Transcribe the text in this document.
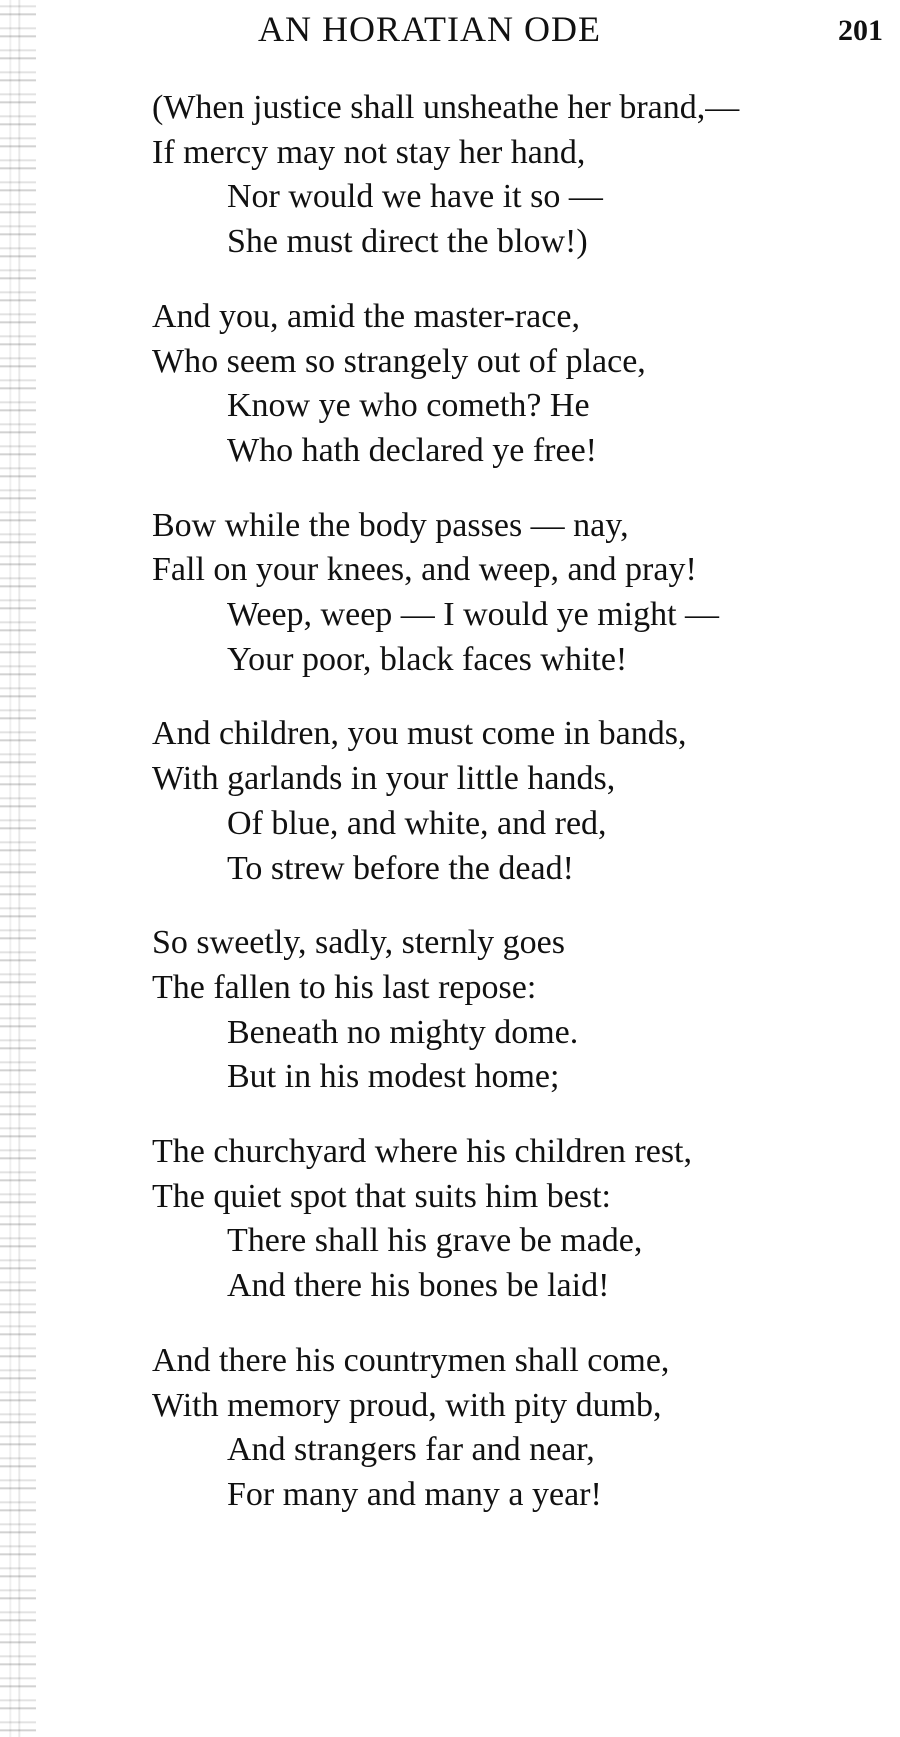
AN HORATIAN ODE	201
(When justice shall unsheathe her brand,—
If mercy may not stay her hand,
Nor would we have it so —
She must direct the blow!)
And you, amid the master-race,
Who seem so strangely out of place,
Know ye who cometh? He
Who hath declared ye free!
Bow while the body passes — nay,
Fall on your knees, and weep, and pray!
Weep, weep — I would ye might —
Your poor, black faces white!
And children, you must come in bands,
With garlands in your little hands,
Of blue, and white, and red,
To strew before the dead!
So sweetly, sadly, sternly goes
The fallen to his last repose:
Beneath no mighty dome.
But in his modest home;
The churchyard where his children rest,
The quiet spot that suits him best:
There shall his grave be made,
And there his bones be laid!
And there his countrymen shall come,
With memory proud, with pity dumb,
And strangers far and near,
For many and many a year!
